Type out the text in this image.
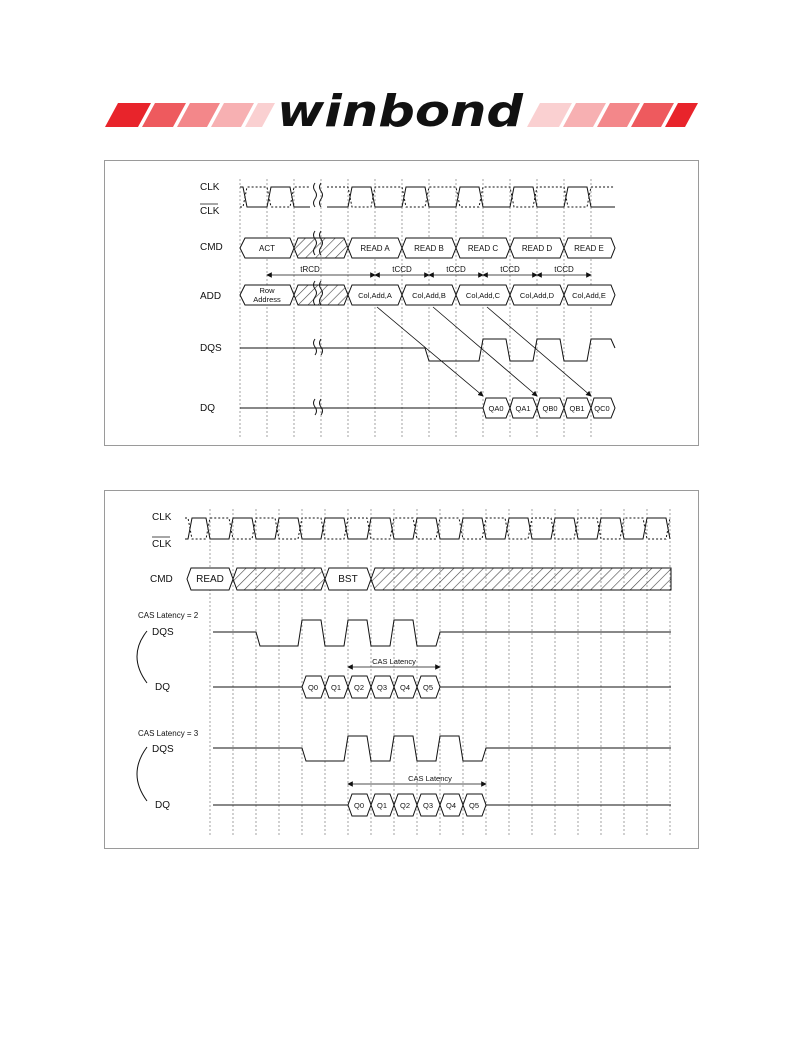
winbond
CLK
CLK
CMD
ADD
DQS
DQ
ACT	READ A	READ B	READ C	READ D	READ E
tRCD	tCCD	tCCD	tCCD	tCCD
Row
Address	Col,Add,A	Col,Add,B	Col,Add,C	Col,Add,D Col,Add,E
QA0 QA1 QB0 QB1 QC0
CLK
CLK
CMD READ	BST
CAS Latency = 2
DQS
DQ
CAS Latency
Q0 Q1 Q2 Q3 Q4 Q5
CAS Latency = 3
DQS
DQ
CAS Latency
Q0 Q1 Q2 Q3 Q4 Q5
